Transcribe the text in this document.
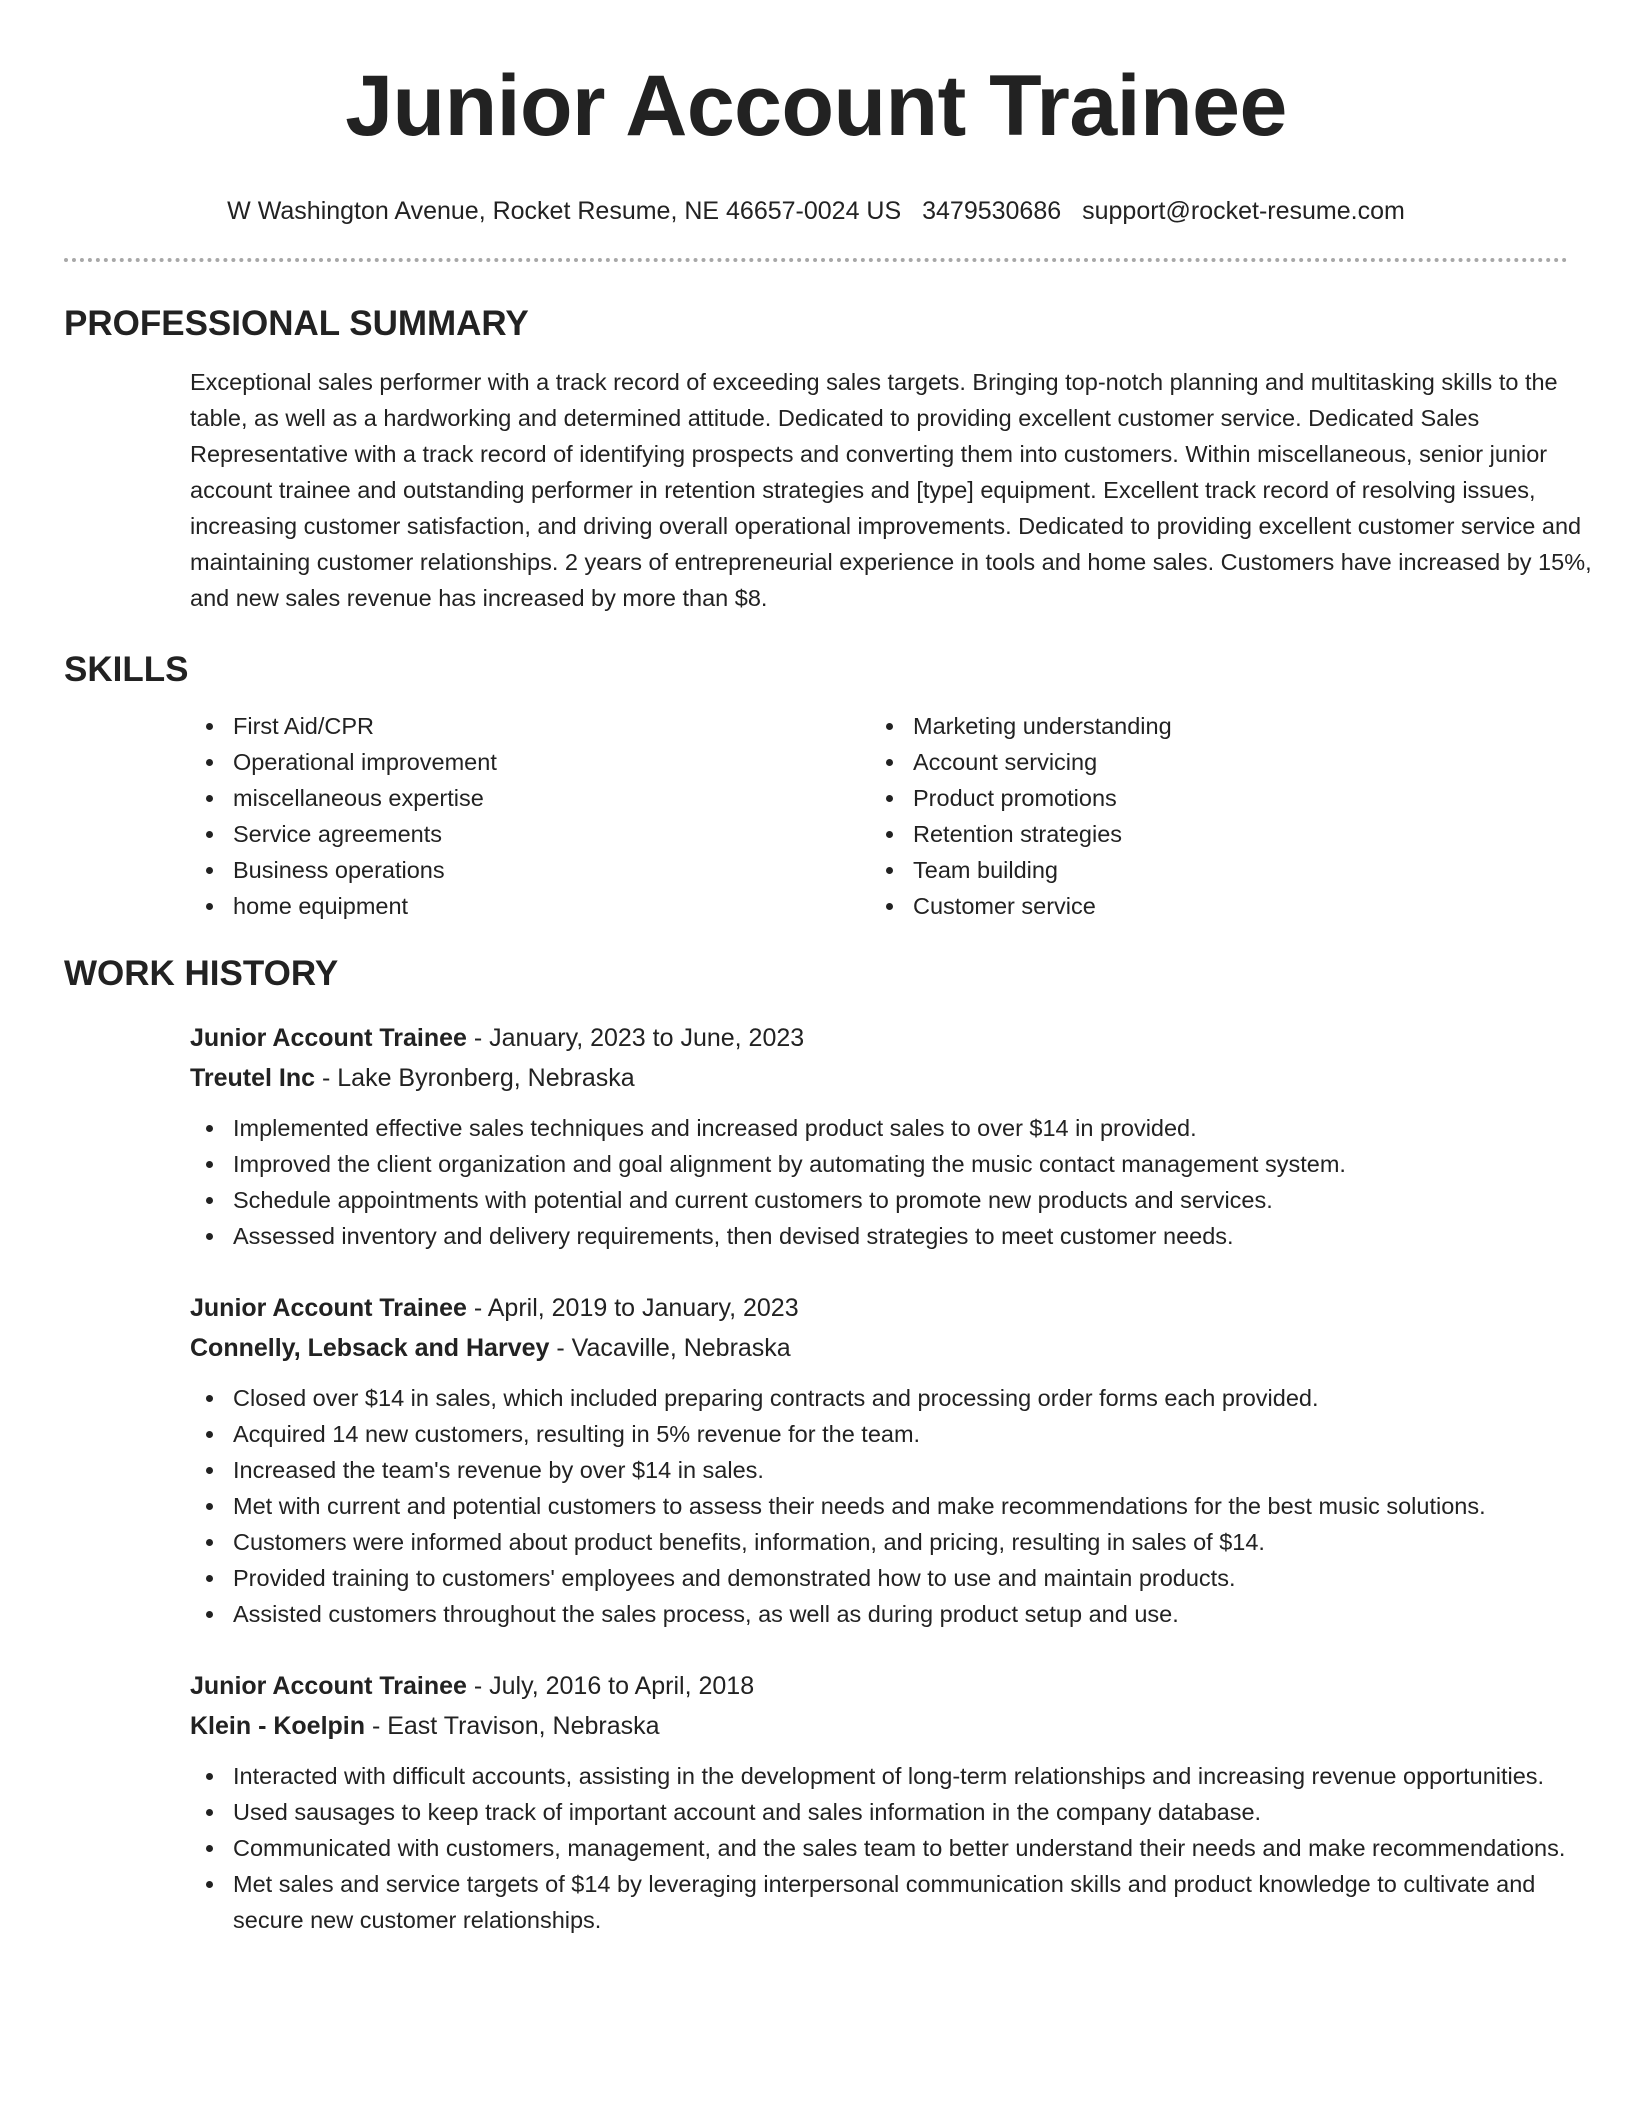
Junior Account Trainee
W Washington Avenue, Rocket Resume, NE 46657-0024 US 3479530686 support@rocket-resume.com
PROFESSIONAL SUMMARY

Exceptional sales performer with a track record of exceeding sales targets. Bringing top-notch planning and multitasking skills to the table, as well as a hardworking and determined attitude. Dedicated to providing excellent customer service. Dedicated Sales Representative with a track record of identifying prospects and converting them into customers. Within miscellaneous, senior junior account trainee and outstanding performer in retention strategies and [type] equipment. Excellent track record of resolving issues, increasing customer satisfaction, and driving overall operational improvements. Dedicated to providing excellent customer service and maintaining customer relationships. 2 years of entrepreneurial experience in tools and home sales. Customers have increased by 15%, and new sales revenue has increased by more than $8.

SKILLS
First Aid/CPR
Operational improvement
miscellaneous expertise
Service agreements
Business operations
home equipment
Marketing understanding
Account servicing
Product promotions
Retention strategies
Team building
Customer service
WORK HISTORY
Junior Account Trainee - January, 2023 to June, 2023
Treutel Inc - Lake Byronberg, Nebraska
Implemented effective sales techniques and increased product sales to over $14 in provided.
Improved the client organization and goal alignment by automating the music contact management system.
Schedule appointments with potential and current customers to promote new products and services.
Assessed inventory and delivery requirements, then devised strategies to meet customer needs.
Junior Account Trainee - April, 2019 to January, 2023
Connelly, Lebsack and Harvey - Vacaville, Nebraska
Closed over $14 in sales, which included preparing contracts and processing order forms each provided.
Acquired 14 new customers, resulting in 5% revenue for the team.
Increased the team's revenue by over $14 in sales.
Met with current and potential customers to assess their needs and make recommendations for the best music solutions.
Customers were informed about product benefits, information, and pricing, resulting in sales of $14.
Provided training to customers' employees and demonstrated how to use and maintain products.
Assisted customers throughout the sales process, as well as during product setup and use.
Junior Account Trainee - July, 2016 to April, 2018
Klein - Koelpin - East Travison, Nebraska
Interacted with difficult accounts, assisting in the development of long-term relationships and increasing revenue opportunities.
Used sausages to keep track of important account and sales information in the company database.
Communicated with customers, management, and the sales team to better understand their needs and make recommendations.
Met sales and service targets of $14 by leveraging interpersonal communication skills and product knowledge to cultivate and secure new customer relationships.
